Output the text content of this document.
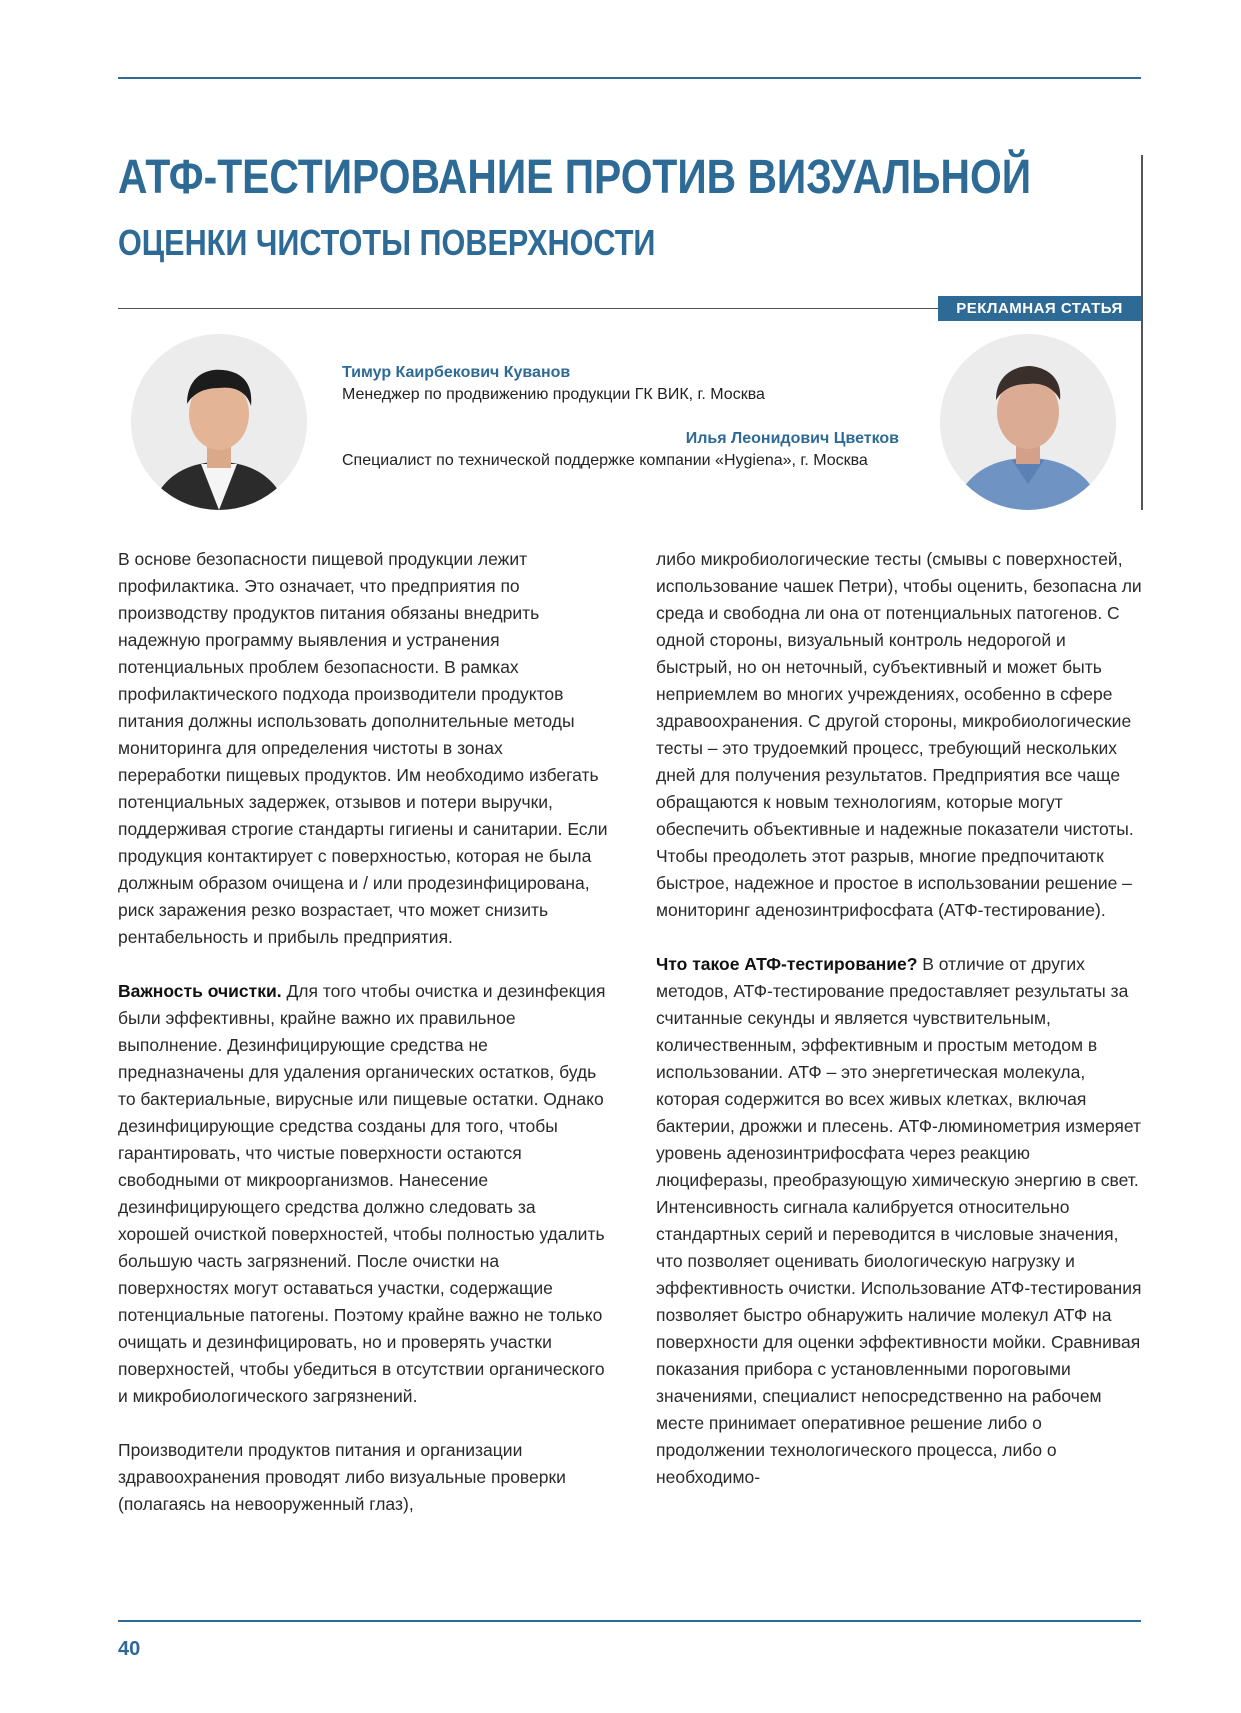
АТФ-ТЕСТИРОВАНИЕ ПРОТИВ ВИЗУАЛЬНОЙ
ОЦЕНКИ ЧИСТОТЫ ПОВЕРХНОСТИ
РЕКЛАМНАЯ СТАТЬЯ
Тимур Каирбекович Куванов
Менеджер по продвижению продукции ГК ВИК, г. Москва
Илья Леонидович Цветков
Специалист по технической поддержке компании «Hygiena», г. Москва

В основе безопасности пищевой продукции лежит профилактика. Это означает, что предприятия по производству продуктов питания обязаны внедрить надежную программу выявления и устранения потенциальных проблем безопасности. В рамках профилактического подхода производители продуктов питания должны использовать дополнительные методы мониторинга для определения чистоты в зонах переработки пищевых продуктов. Им необходимо избегать потенциальных задержек, отзывов и потери выручки, поддерживая строгие стандарты гигиены и санитарии. Если продукция контактирует с поверхностью, которая не была должным образом очищена и / или продезинфицирована, риск заражения резко возрастает, что может снизить рентабельность и прибыль предприятия.

Важность очистки. Для того чтобы очистка и дезинфекция были эффективны, крайне важно их правильное выполнение. Дезинфицирующие средства не предназначены для удаления органических остатков, будь то бактериальные, вирусные или пищевые остатки. Однако дезинфицирующие средства созданы для того, чтобы гарантировать, что чистые поверхности остаются свободными от микроорганизмов. Нанесение дезинфицирующего средства должно следовать за хорошей очисткой поверхностей, чтобы полностью удалить большую часть загрязнений. После очистки на поверхностях могут оставаться участки, содержащие потенциальные патогены. Поэтому крайне важно не только очищать и дезинфицировать, но и проверять участки поверхностей, чтобы убедиться в отсутствии органического и микробиологического загрязнений.

Производители продуктов питания и организации здравоохранения проводят либо визуальные проверки (полагаясь на невооруженный глаз),

либо микробиологические тесты (смывы с поверхностей, использование чашек Петри), чтобы оценить, безопасна ли среда и свободна ли она от потенциальных патогенов. С одной стороны, визуальный контроль недорогой и быстрый, но он неточный, субъективный и может быть неприемлем во многих учреждениях, особенно в сфере здравоохранения. С другой стороны, микробиологические тесты – это трудоемкий процесс, требующий нескольких дней для получения результатов. Предприятия все чаще обращаются к новым технологиям, которые могут обеспечить объективные и надежные показатели чистоты. Чтобы преодолеть этот разрыв, многие предпочитаютк быстрое, надежное и простое в использовании решение – мониторинг аденозинтрифосфата (АТФ-тестирование).

Что такое АТФ-тестирование? В отличие от других методов, АТФ-тестирование предоставляет результаты за считанные секунды и является чувствительным, количественным, эффективным и простым методом в использовании. АТФ – это энергетическая молекула, которая содержится во всех живых клетках, включая бактерии, дрожжи и плесень. АТФ-люминометрия измеряет уровень аденозинтрифосфата через реакцию люциферазы, преобразующую химическую энергию в свет. Интенсивность сигнала калибруется относительно стандартных серий и переводится в числовые значения, что позволяет оценивать биологическую нагрузку и эффективность очистки. Использование АТФ-тестирования позволяет быстро обнаружить наличие молекул АТФ на поверхности для оценки эффективности мойки. Сравнивая показания прибора с установленными пороговыми значениями, специалист непосредственно на рабочем месте принимает оперативное решение либо о продолжении технологического процесса, либо о необходимо-

40
